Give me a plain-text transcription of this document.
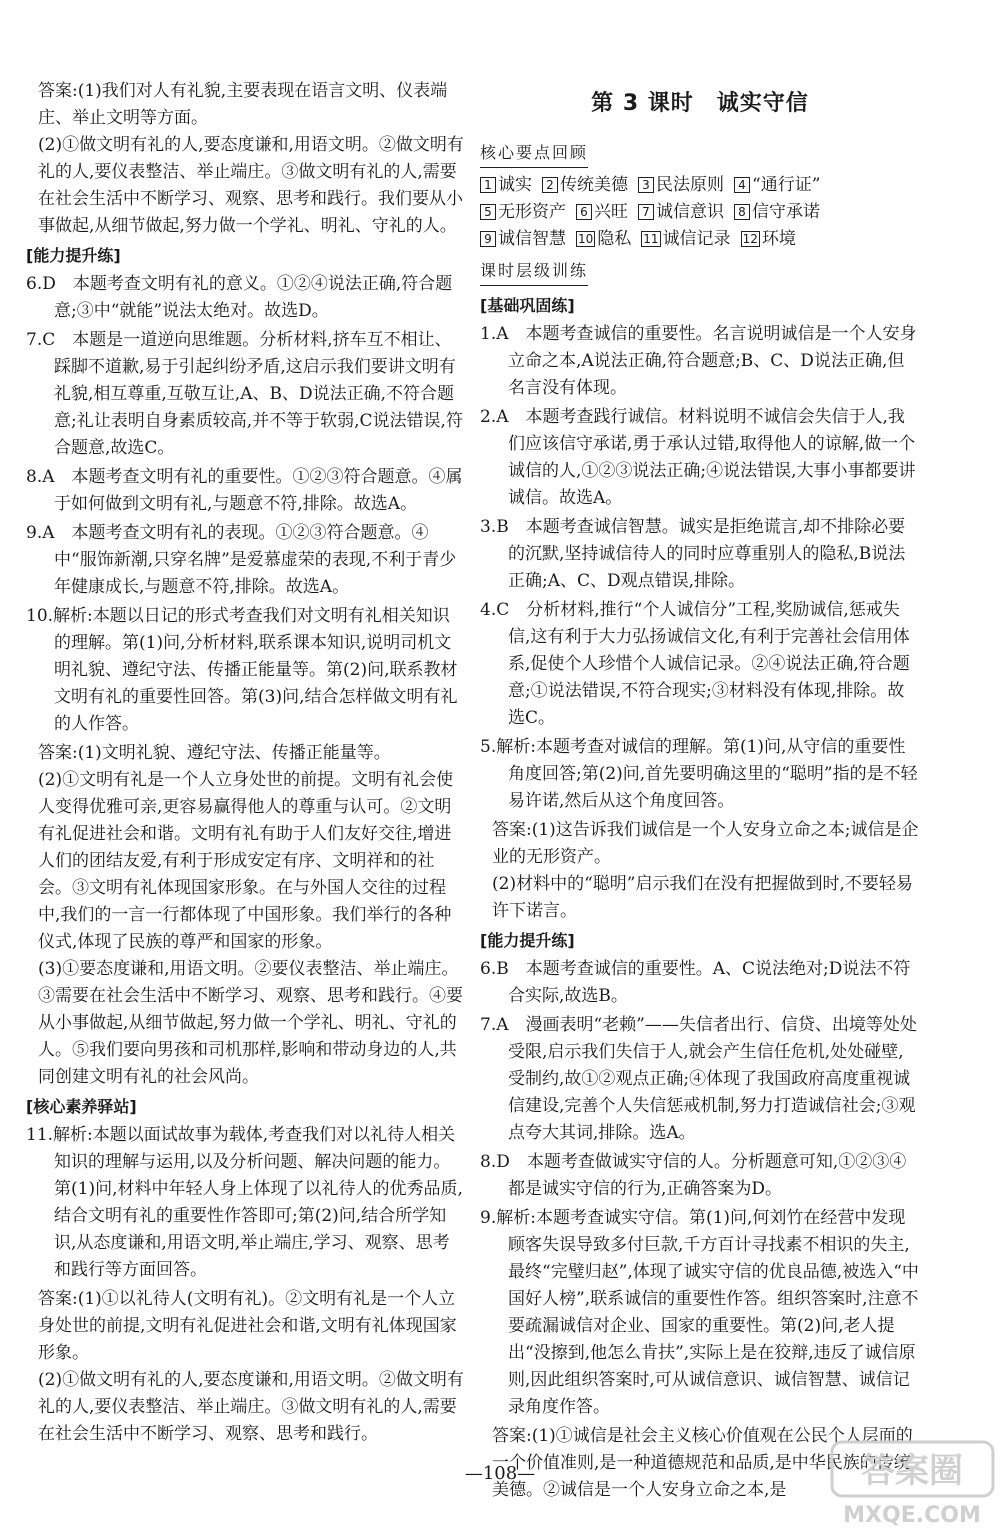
答案:(1)我们对人有礼貌,主要表现在语言文明、仪表端庄、举止文明等方面。

(2)①做文明有礼的人,要态度谦和,用语文明。②做文明有礼的人,要仪表整洁、举止端庄。③做文明有礼的人,需要在社会生活中不断学习、观察、思考和践行。我们要从小事做起,从细节做起,努力做一个学礼、明礼、守礼的人。

[ 能力提升练 ]

6.D　本题考查文明有礼的意义。①②④说法正确,符合题意;③中“就能”说法太绝对。故选D。

7.C　本题是一道逆向思维题。分析材料,挤车互不相让、踩脚不道歉,易于引起纠纷矛盾,这启示我们要讲文明有礼貌,相互尊重,互敬互让,A、B、D说法正确,不符合题意;礼让表明自身素质较高,并不等于软弱,C说法错误,符合题意,故选C。

8.A　本题考查文明有礼的重要性。①②③符合题意。④属于如何做到文明有礼,与题意不符,排除。故选A。

9.A　本题考查文明有礼的表现。①②③符合题意。④中“服饰新潮,只穿名牌”是爱慕虚荣的表现,不利于青少年健康成长,与题意不符,排除。故选A。

10.解析:本题以日记的形式考查我们对文明有礼相关知识的理解。第(1)问,分析材料,联系课本知识,说明司机文明礼貌、遵纪守法、传播正能量等。第(2)问,联系教材文明有礼的重要性回答。第(3)问,结合怎样做文明有礼的人作答。

答案:(1)文明礼貌、遵纪守法、传播正能量等。

(2)①文明有礼是一个人立身处世的前提。文明有礼会使人变得优雅可亲,更容易赢得他人的尊重与认可。②文明有礼促进社会和谐。文明有礼有助于人们友好交往,增进人们的团结友爱,有利于形成安定有序、文明祥和的社会。③文明有礼体现国家形象。在与外国人交往的过程中,我们的一言一行都体现了中国形象。我们举行的各种仪式,体现了民族的尊严和国家的形象。

(3)①要态度谦和,用语文明。②要仪表整洁、举止端庄。③需要在社会生活中不断学习、观察、思考和践行。④要从小事做起,从细节做起,努力做一个学礼、明礼、守礼的人。⑤我们要向男孩和司机那样,影响和带动身边的人,共同创建文明有礼的社会风尚。

[ 核心素养驿站 ]

11.解析:本题以面试故事为载体,考查我们对以礼待人相关知识的理解与运用,以及分析问题、解决问题的能力。第(1)问,材料中年轻人身上体现了以礼待人的优秀品质,结合文明有礼的重要性作答即可;第(2)问,结合所学知识,从态度谦和,用语文明,举止端庄,学习、观察、思考和践行等方面回答。

答案:(1)①以礼待人(文明有礼)。②文明有礼是一个人立身处世的前提,文明有礼促进社会和谐,文明有礼体现国家形象。

(2)①做文明有礼的人,要态度谦和,用语文明。②做文明有礼的人,要仪表整洁、举止端庄。③做文明有礼的人,需要在社会生活中不断学习、观察、思考和践行。

第 3 课时　诚实守信

核心要点回顾
1 诚实 2 传统美德 3 民法原则 4 “通行证”5 无形资产 6 兴旺 7 诚信意识 8 信守承诺9 诚信智慧 10 隐私 11 诚信记录 12 环境
课时层级训练

[ 基础巩固练 ]

1.A　本题考查诚信的重要性。名言说明诚信是一个人安身立命之本,A说法正确,符合题意;B、C、D说法正确,但名言没有体现。

2.A　本题考查践行诚信。材料说明不诚信会失信于人,我们应该信守承诺,勇于承认过错,取得他人的谅解,做一个诚信的人,①②③说法正确;④说法错误,大事小事都要讲诚信。故选A。

3.B　本题考查诚信智慧。诚实是拒绝谎言,却不排除必要的沉默,坚持诚信待人的同时应尊重别人的隐私,B说法正确;A、C、D观点错误,排除。

4.C　分析材料,推行“个人诚信分”工程,奖励诚信,惩戒失信,这有利于大力弘扬诚信文化,有利于完善社会信用体系,促使个人珍惜个人诚信记录。②④说法正确,符合题意;①说法错误,不符合现实;③材料没有体现,排除。故选C。

5.解析:本题考查对诚信的理解。第(1)问,从守信的重要性角度回答;第(2)问,首先要明确这里的“聪明”指的是不轻易许诺,然后从这个角度回答。

答案:(1)这告诉我们诚信是一个人安身立命之本;诚信是企业的无形资产。

(2)材料中的“聪明”启示我们在没有把握做到时,不要轻易许下诺言。

[ 能力提升练 ]

6.B　本题考查诚信的重要性。A、C说法绝对;D说法不符合实际,故选B。

7.A　漫画表明“老赖”——失信者出行、信贷、出境等处处受限,启示我们失信于人,就会产生信任危机,处处碰壁,受制约,故①②观点正确;④体现了我国政府高度重视诚信建设,完善个人失信惩戒机制,努力打造诚信社会;③观点夸大其词,排除。选A。

8.D　本题考查做诚实守信的人。分析题意可知,①②③④都是诚实守信的行为,正确答案为D。

9.解析:本题考查诚实守信。第(1)问,何刘竹在经营中发现顾客失误导致多付巨款,千方百计寻找素不相识的失主,最终“完璧归赵”,体现了诚实守信的优良品德,被选入“中国好人榜”,联系诚信的重要性作答。组织答案时,注意不要疏漏诚信对企业、国家的重要性。第(2)问,老人提出“没擦到,他怎么肯扶”,实际上是在狡辩,违反了诚信原则,因此组织答案时,可从诚信意识、诚信智慧、诚信记录角度作答。

答案:(1)①诚信是社会主义核心价值观在公民个人层面的一个价值准则,是一种道德规范和品质,是中华民族的传统美德。②诚信是一个人安身立命之本,是

—108—	答案圈
MXQE.COM
